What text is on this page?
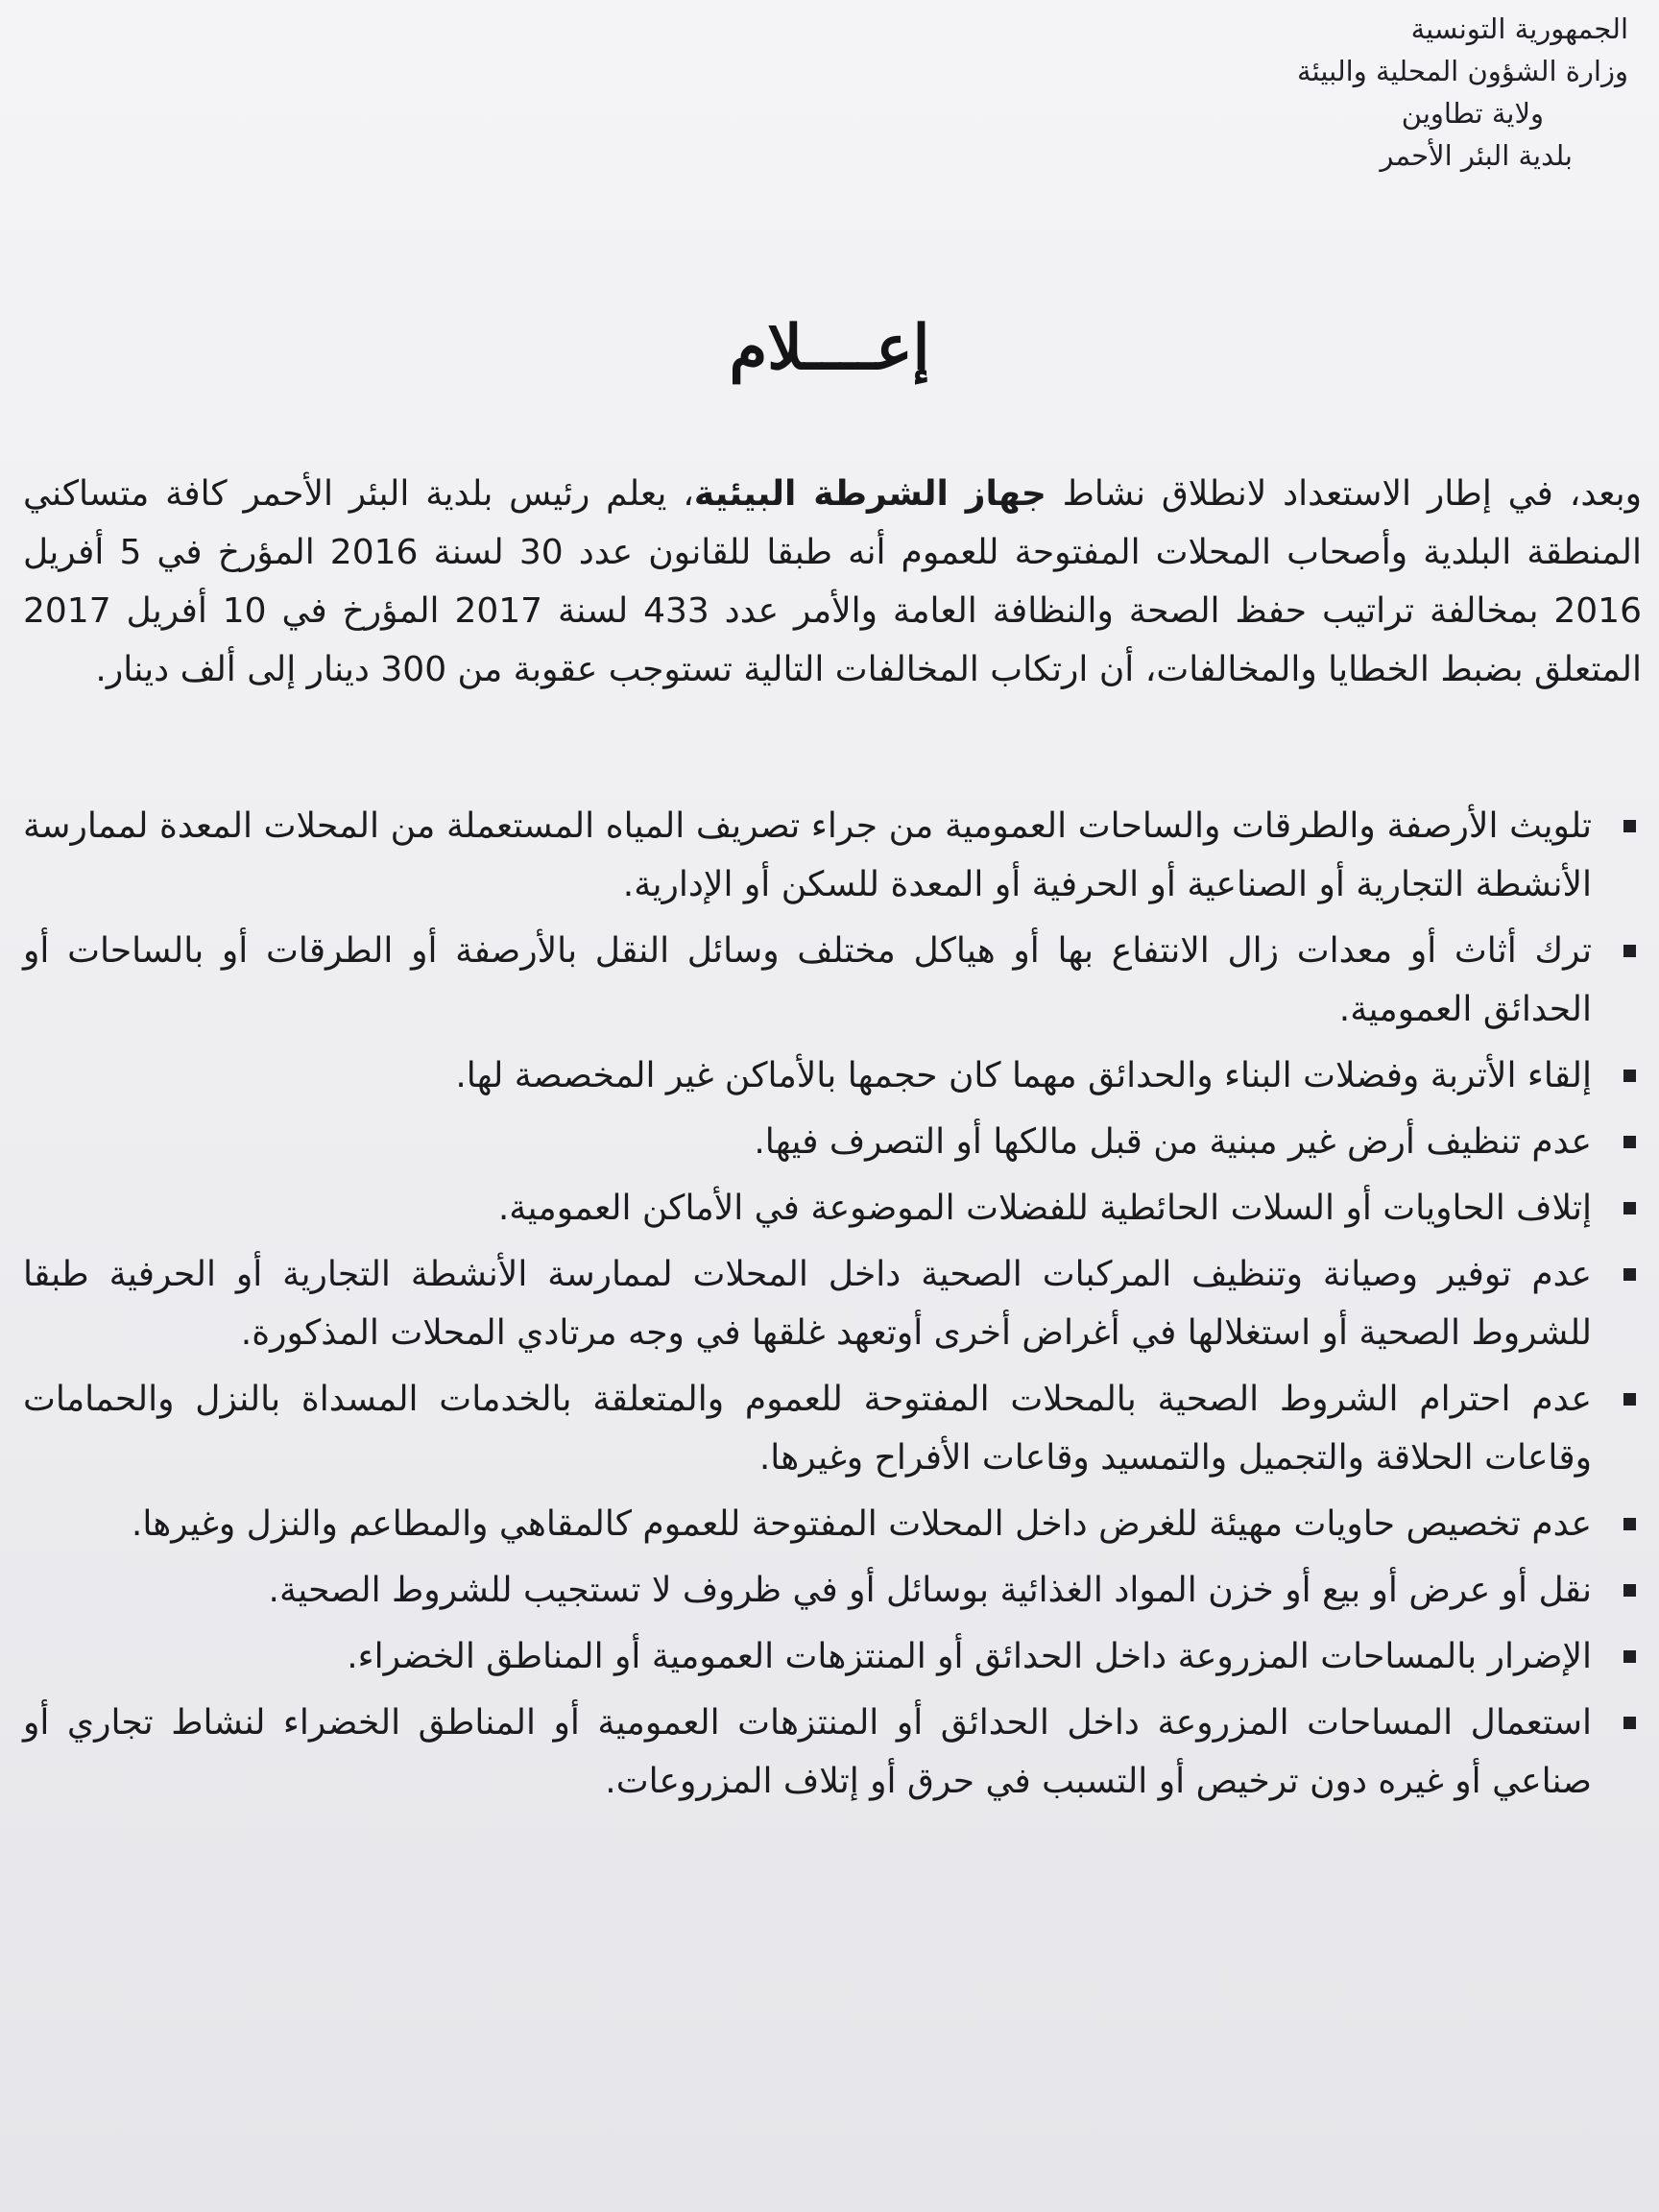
الجمهورية التونسية
وزارة الشؤون المحلية والبيئة
ولاية تطاوين
بلدية البئر الأحمر
إعــــلام

وبعد، في إطار الاستعداد لانطلاق نشاط جهاز الشرطة البيئية، يعلم رئيس بلدية البئر الأحمر كافة متساكني المنطقة البلدية وأصحاب المحلات المفتوحة للعموم أنه طبقا للقانون عدد 30 لسنة 2016 المؤرخ في 5 أفريل 2016 بمخالفة تراتيب حفظ الصحة والنظافة العامة والأمر عدد 433 لسنة 2017 المؤرخ في 10 أفريل 2017 المتعلق بضبط الخطايا والمخالفات، أن ارتكاب المخالفات التالية تستوجب عقوبة من 300 دينار إلى ألف دينار.

تلويث الأرصفة والطرقات والساحات العمومية من جراء تصريف المياه المستعملة من المحلات المعدة لممارسة الأنشطة التجارية أو الصناعية أو الحرفية أو المعدة للسكن أو الإدارية.
ترك أثاث أو معدات زال الانتفاع بها أو هياكل مختلف وسائل النقل بالأرصفة أو الطرقات أو بالساحات أو الحدائق العمومية.
إلقاء الأتربة وفضلات البناء والحدائق مهما كان حجمها بالأماكن غير المخصصة لها.
عدم تنظيف أرض غير مبنية من قبل مالكها أو التصرف فيها.
إتلاف الحاويات أو السلات الحائطية للفضلات الموضوعة في الأماكن العمومية.
عدم توفير وصيانة وتنظيف المركبات الصحية داخل المحلات لممارسة الأنشطة التجارية أو الحرفية طبقا للشروط الصحية أو استغلالها في أغراض أخرى أوتعهد غلقها في وجه مرتادي المحلات المذكورة.
عدم احترام الشروط الصحية بالمحلات المفتوحة للعموم والمتعلقة بالخدمات المسداة بالنزل والحمامات وقاعات الحلاقة والتجميل والتمسيد وقاعات الأفراح وغيرها.
عدم تخصيص حاويات مهيئة للغرض داخل المحلات المفتوحة للعموم كالمقاهي والمطاعم والنزل وغيرها.
نقل أو عرض أو بيع أو خزن المواد الغذائية بوسائل أو في ظروف لا تستجيب للشروط الصحية.
الإضرار بالمساحات المزروعة داخل الحدائق أو المنتزهات العمومية أو المناطق الخضراء.
استعمال المساحات المزروعة داخل الحدائق أو المنتزهات العمومية أو المناطق الخضراء لنشاط تجاري أو صناعي أو غيره دون ترخيص أو التسبب في حرق أو إتلاف المزروعات.
